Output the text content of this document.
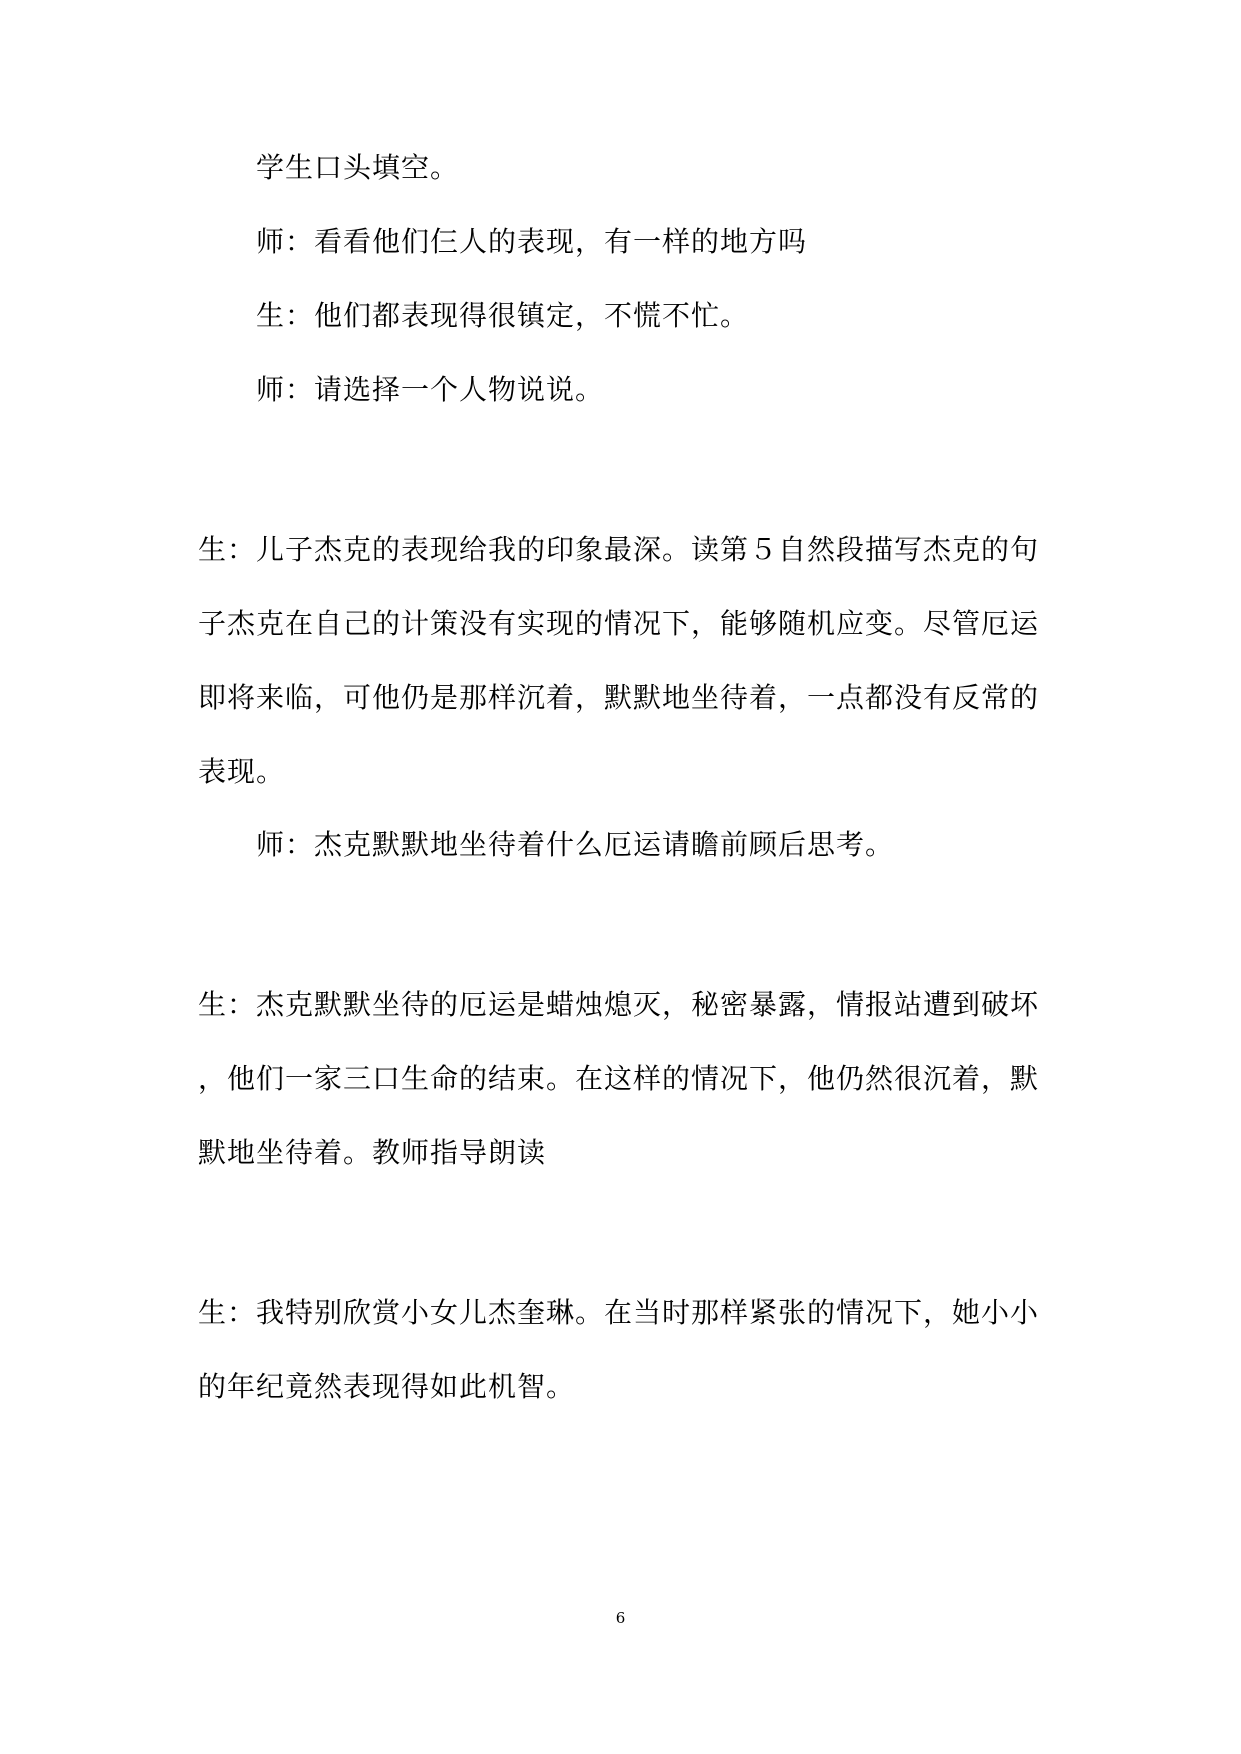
学生口头填空。
师：看看他们仨人的表现，有一样的地方吗
生：他们都表现得很镇定，不慌不忙。
师：请选择一个人物说说。
生：儿子杰克的表现给我的印象最深。读第５自然段描写杰克的句
子杰克在自己的计策没有实现的情况下，能够随机应变。尽管厄运
即将来临，可他仍是那样沉着，默默地坐待着，一点都没有反常的
表现。
师：杰克默默地坐待着什么厄运请瞻前顾后思考。
生：杰克默默坐待的厄运是蜡烛熄灭，秘密暴露，情报站遭到破坏
，他们一家三口生命的结束。在这样的情况下，他仍然很沉着，默
默地坐待着。教师指导朗读
生：我特别欣赏小女儿杰奎琳。在当时那样紧张的情况下，她小小
的年纪竟然表现得如此机智。
6
